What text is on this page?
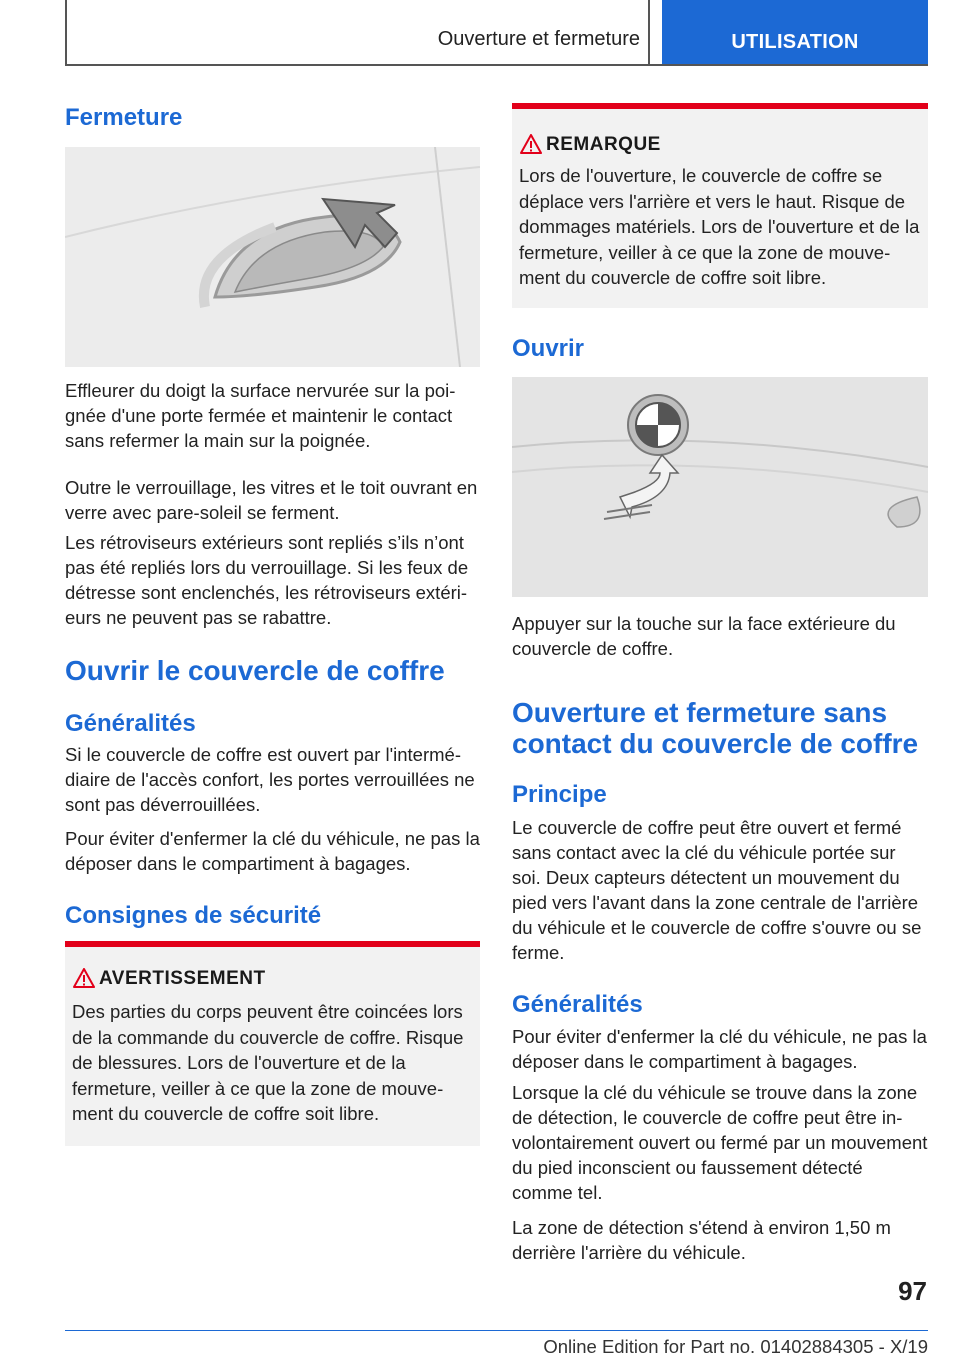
Ouverture et fermeture	UTILISATION
Fermeture

Effleurer du doigt la surface nervurée sur la poignée d'une porte fermée et maintenir le contact sans refermer la main sur la poignée.

Outre le verrouillage, les vitres et le toit ouvrant en verre avec pare-soleil se ferment.

Les rétroviseurs extérieurs sont repliés s’ils n’ont pas été repliés lors du verrouillage. Si les feux de détresse sont enclenchés, les rétroviseurs extérieurs ne peuvent pas se rabattre.

Ouvrir le couvercle de coffre
Généralités

Si le couvercle de coffre est ouvert par l'intermédiaire de l'accès confort, les portes verrouillées ne sont pas déverrouillées.

Pour éviter d'enfermer la clé du véhicule, ne pas la déposer dans le compartiment à bagages.

Consignes de sécurité
AVERTISSEMENT

Des parties du corps peuvent être coincées lors de la commande du couvercle de coffre. Risque de blessures. Lors de l'ouverture et de la fermeture, veiller à ce que la zone de mouvement du couvercle de coffre soit libre.

REMARQUE

Lors de l'ouverture, le couvercle de coffre se déplace vers l'arrière et vers le haut. Risque de dommages matériels. Lors de l'ouverture et de la fermeture, veiller à ce que la zone de mouvement du couvercle de coffre soit libre.

Ouvrir

Appuyer sur la touche sur la face extérieure du couvercle de coffre.

Ouverture et fermeture sans
contact du couvercle de coffre
Principe

Le couvercle de coffre peut être ouvert et fermé sans contact avec la clé du véhicule portée sur soi. Deux capteurs détectent un mouvement du pied vers l'avant dans la zone centrale de l'arrière du véhicule et le couvercle de coffre s'ouvre ou se ferme.

Généralités

Pour éviter d'enfermer la clé du véhicule, ne pas la déposer dans le compartiment à bagages.

Lorsque la clé du véhicule se trouve dans la zone de détection, le couvercle de coffre peut être involontairement ouvert ou fermé par un mouvement du pied inconscient ou faussement détecté comme tel.

La zone de détection s'étend à environ 1,50 m derrière l'arrière du véhicule.

97
Online Edition for Part no. 01402884305 - X/19
